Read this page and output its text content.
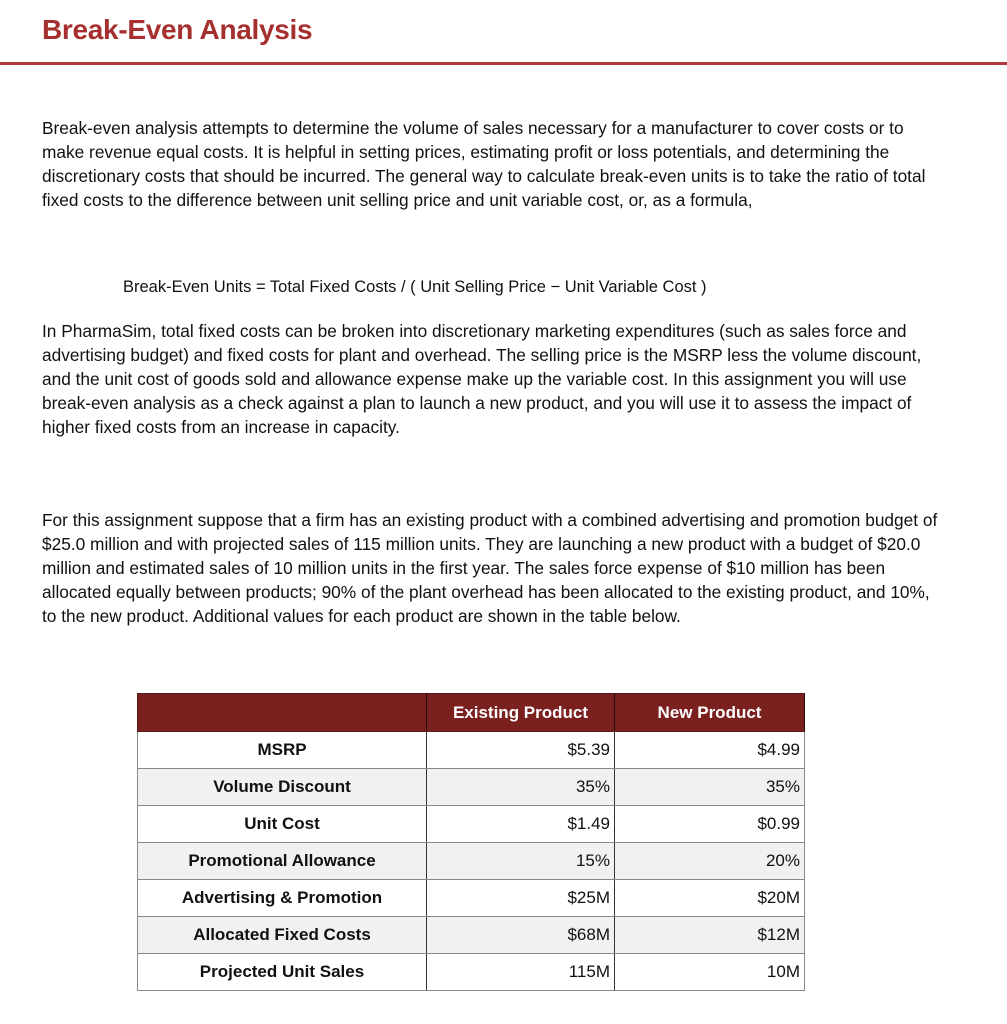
Break-Even Analysis

Break-even analysis attempts to determine the volume of sales necessary for a manufacturer to cover costs or to make revenue equal costs. It is helpful in setting prices, estimating profit or loss potentials, and determining the discretionary costs that should be incurred. The general way to calculate break-even units is to take the ratio of total fixed costs to the difference between unit selling price and unit variable cost, or, as a formula,

Break-Even Units = Total Fixed Costs / ( Unit Selling Price − Unit Variable Cost )

In PharmaSim, total fixed costs can be broken into discretionary marketing expenditures (such as sales force and advertising budget) and fixed costs for plant and overhead. The selling price is the MSRP less the volume discount, and the unit cost of goods sold and allowance expense make up the variable cost. In this assignment you will use break-even analysis as a check against a plan to launch a new product, and you will use it to assess the impact of higher fixed costs from an increase in capacity.

For this assignment suppose that a firm has an existing product with a combined advertising and promotion budget of $25.0 million and with projected sales of 115 million units. They are launching a new product with a budget of $20.0 million and estimated sales of 10 million units in the first year. The sales force expense of $10 million has been allocated equally between products; 90% of the plant overhead has been allocated to the existing product, and 10%, to the new product. Additional values for each product are shown in the table below.

	Existing Product	New Product
MSRP	$5.39	$4.99
Volume Discount	35%	35%
Unit Cost	$1.49	$0.99
Promotional Allowance	15%	20%
Advertising & Promotion	$25M	$20M
Allocated Fixed Costs	$68M	$12M
Projected Unit Sales	115M	10M
